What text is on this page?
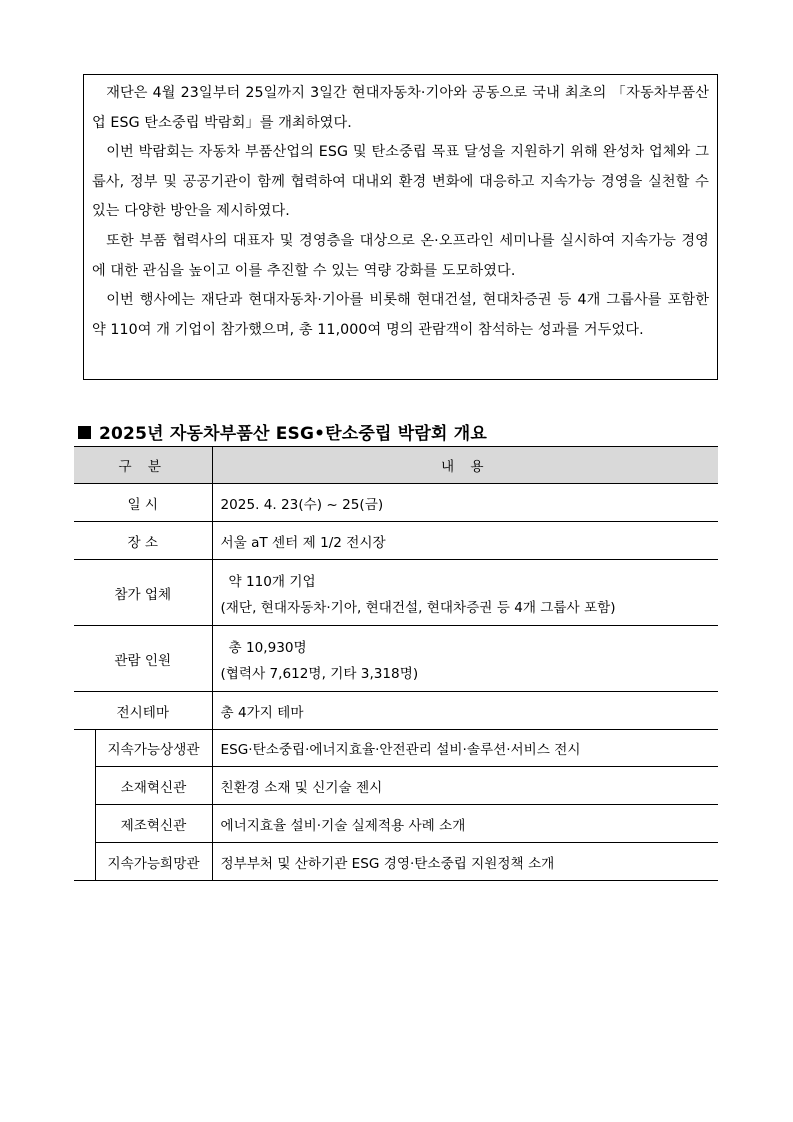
재단은 4월 23일부터 25일까지 3일간 현대자동차·기아와 공동으로 국내 최초의 「자동차부품산업 ESG 탄소중립 박람회」를 개최하였다.

이번 박람회는 자동차 부품산업의 ESG 및 탄소중립 목표 달성을 지원하기 위해 완성차 업체와 그룹사, 정부 및 공공기관이 함께 협력하여 대내외 환경 변화에 대응하고 지속가능 경영을 실천할 수 있는 다양한 방안을 제시하였다.

또한 부품 협력사의 대표자 및 경영층을 대상으로 온·오프라인 세미나를 실시하여 지속가능 경영에 대한 관심을 높이고 이를 추진할 수 있는 역량 강화를 도모하였다.

이번 행사에는 재단과 현대자동차·기아를 비롯해 현대건설, 현대차증권 등 4개 그룹사를 포함한 약 110여 개 기업이 참가했으며, 총 11,000여 명의 관람객이 참석하는 성과를 거두었다.

2025년 자동차부품산 ESG•탄소중립 박람회 개요
구 분		내 용
일 시		2025. 4. 23(수) ~ 25(금)
장 소		서울 aT 센터 제 1/2 전시장
참가 업체		약 110개 기업
(재단, 현대자동차·기아, 현대건설, 현대차증권 등 4개 그룹사 포함)

관람 인원		총 10,930명
(협력사 7,612명, 기타 3,318명)

전시테마		총 4가지 테마
	지속가능상생관	ESG·탄소중립·에너지효율·안전관리 설비·솔루션·서비스 전시
	소재혁신관	친환경 소재 및 신기술 젠시
	제조혁신관	에너지효율 설비·기술 실제적용 사례 소개
	지속가능희망관	정부부처 및 산하기관 ESG 경영·탄소중립 지원정책 소개
